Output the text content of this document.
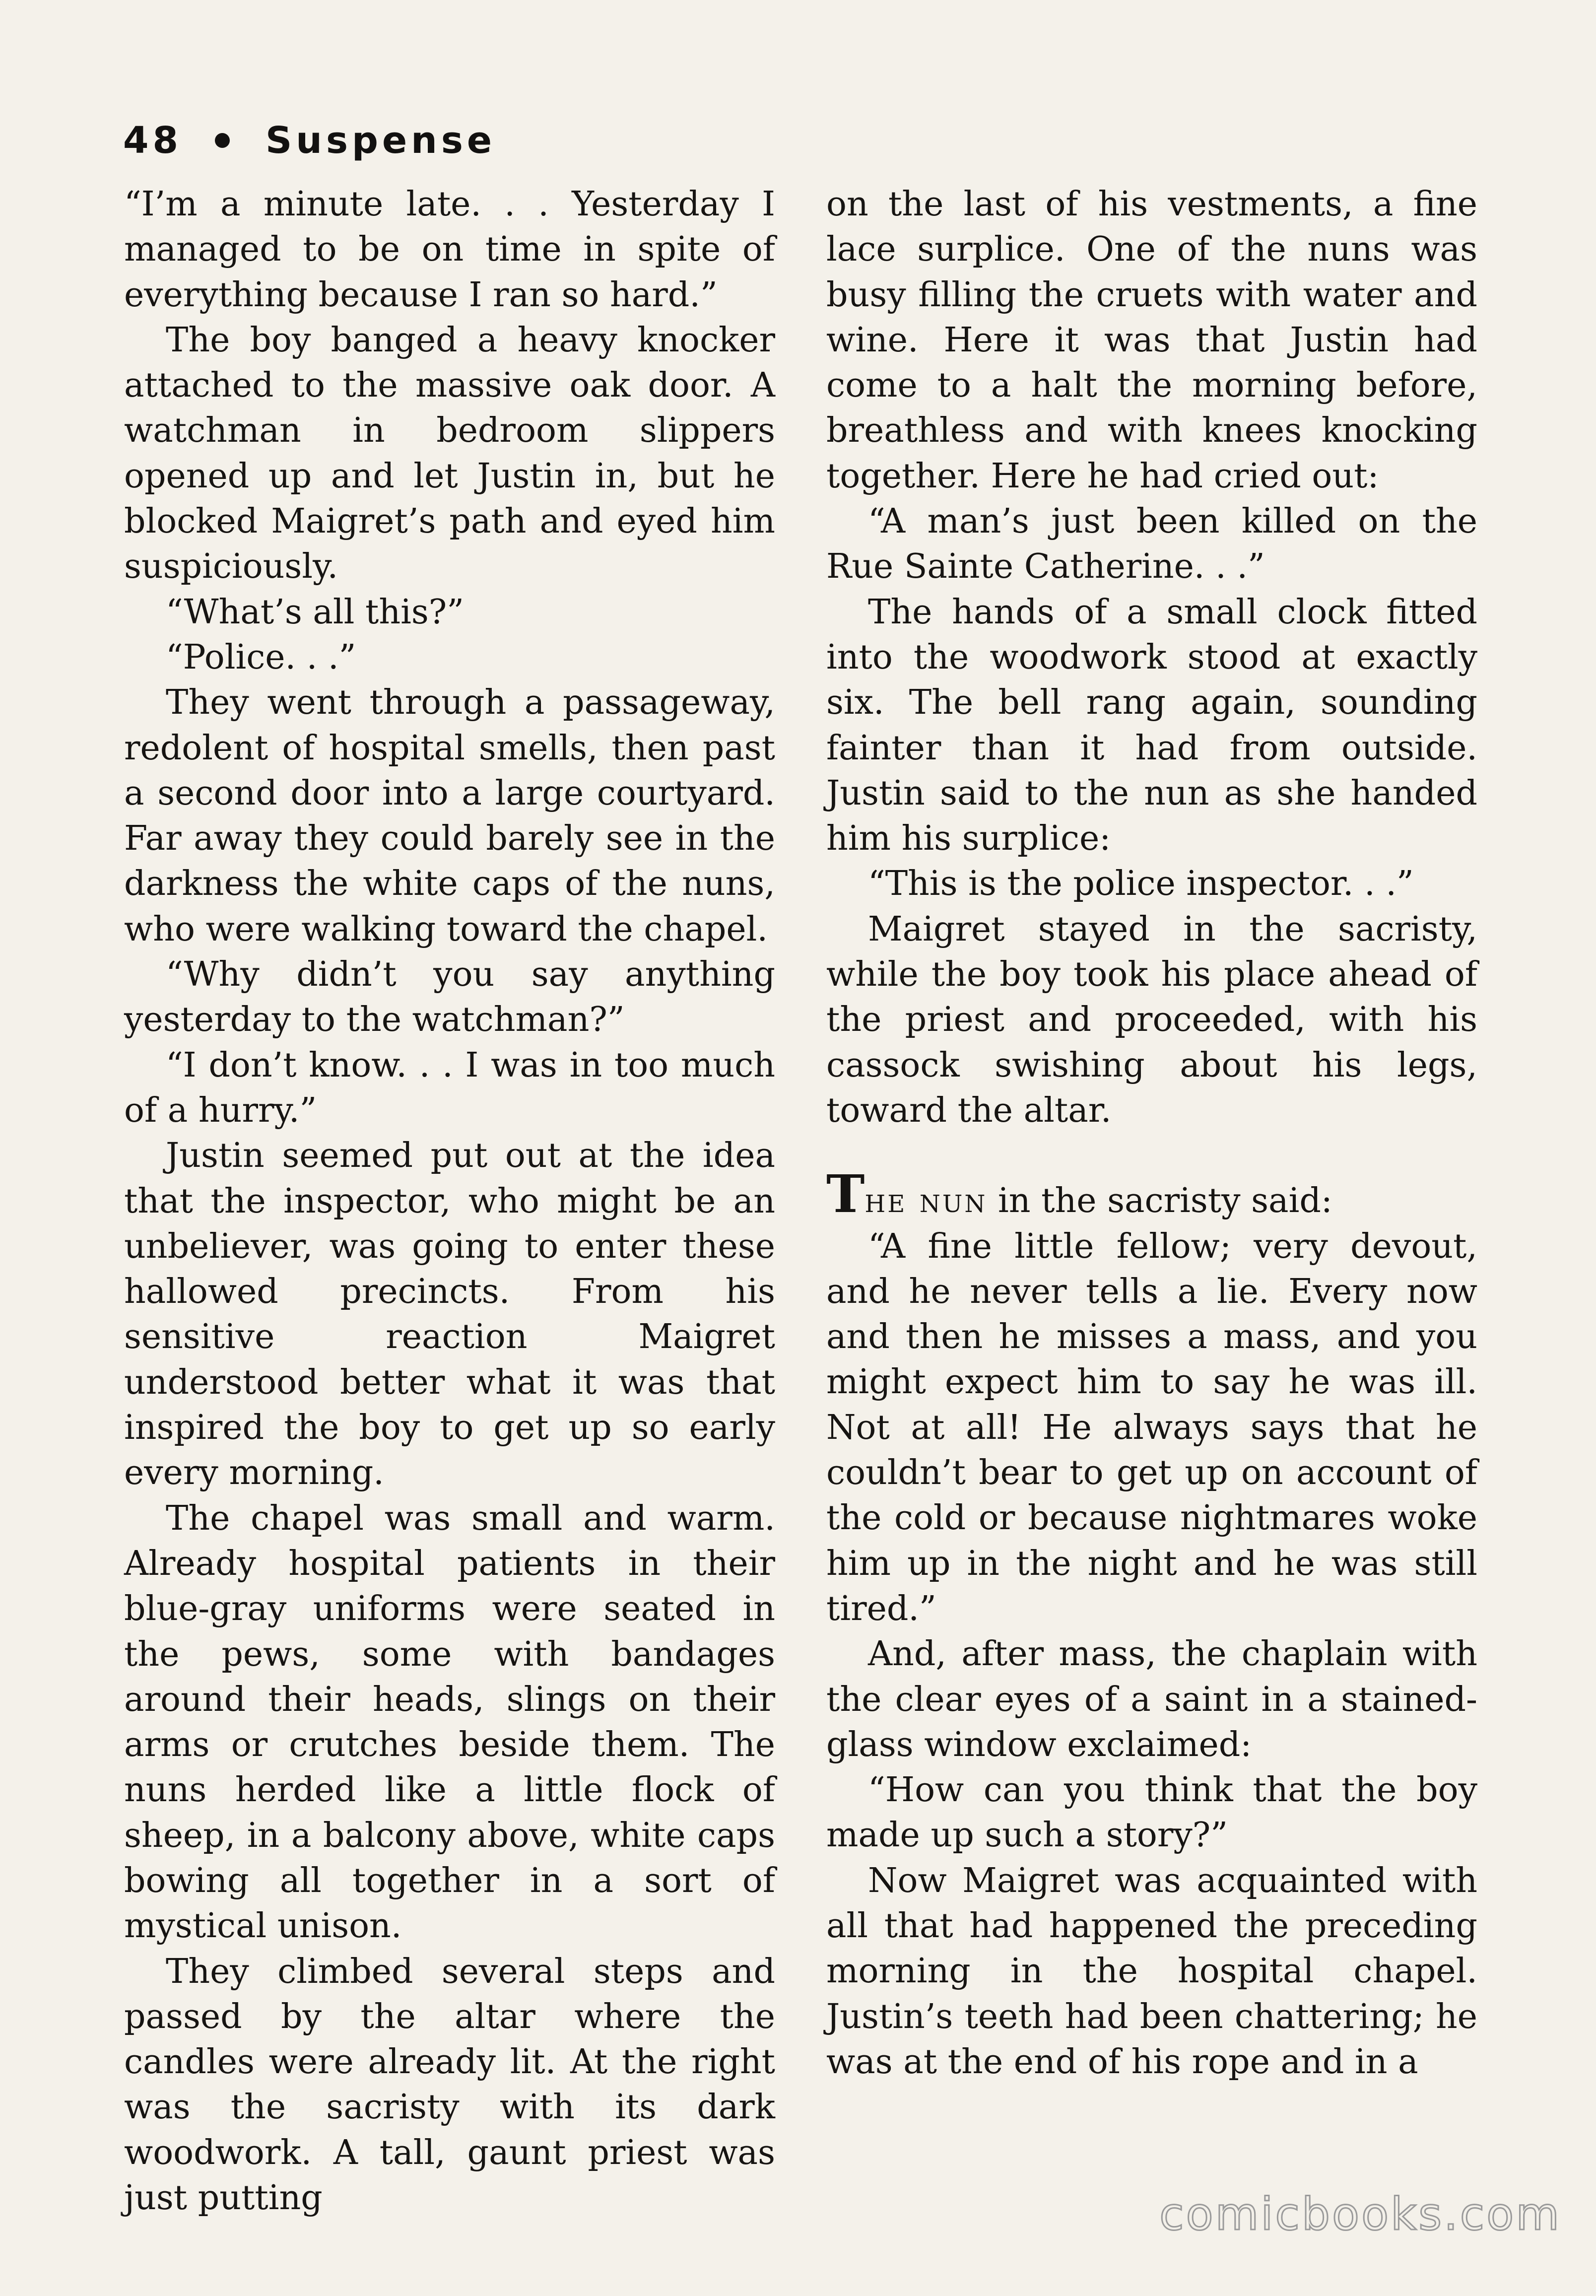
48 Suspense

“I’m a minute late. . . Yesterday I managed to be on time in spite of everything because I ran so hard.”

The boy banged a heavy knocker attached to the massive oak door. A watchman in bedroom slippers opened up and let Justin in, but he blocked Maigret’s path and eyed him suspiciously.

“What’s all this?”

“Police. . .”

They went through a passageway, redolent of hospital smells, then past a second door into a large courtyard. Far away they could barely see in the darkness the white caps of the nuns, who were walking toward the chapel.

“Why didn’t you say anything yesterday to the watchman?”

“I don’t know. . . I was in too much of a hurry.”

Justin seemed put out at the idea that the inspector, who might be an unbeliever, was going to enter these hallowed precincts. From his sensitive reaction Maigret understood better what it was that inspired the boy to get up so early every morning.

The chapel was small and warm. Already hospital patients in their blue-gray uniforms were seated in the pews, some with bandages around their heads, slings on their arms or crutches beside them. The nuns herded like a little flock of sheep, in a balcony above, white caps bowing all together in a sort of mystical unison.

They climbed several steps and passed by the altar where the candles were already lit. At the right was the sacristy with its dark woodwork. A tall, gaunt priest was just putting

on the last of his vestments, a fine lace surplice. One of the nuns was busy filling the cruets with water and wine. Here it was that Justin had come to a halt the morning before, breathless and with knees knocking together. Here he had cried out:

“A man’s just been killed on the Rue Sainte Catherine. . .”

The hands of a small clock fitted into the woodwork stood at exactly six. The bell rang again, sounding fainter than it had from outside. Justin said to the nun as she handed him his surplice:

“This is the police inspector. . .”

Maigret stayed in the sacristy, while the boy took his place ahead of the priest and proceeded, with his cassock swishing about his legs, toward the altar.

The nun in the sacristy said:

“A fine little fellow; very devout, and he never tells a lie. Every now and then he misses a mass, and you might expect him to say he was ill. Not at all! He always says that he couldn’t bear to get up on account of the cold or because nightmares woke him up in the night and he was still tired.”

And, after mass, the chaplain with the clear eyes of a saint in a stained-glass window exclaimed:

“How can you think that the boy made up such a story?”

Now Maigret was acquainted with all that had happened the preceding morning in the hospital chapel. Justin’s teeth had been chattering; he was at the end of his rope and in a

comicbooks.com
